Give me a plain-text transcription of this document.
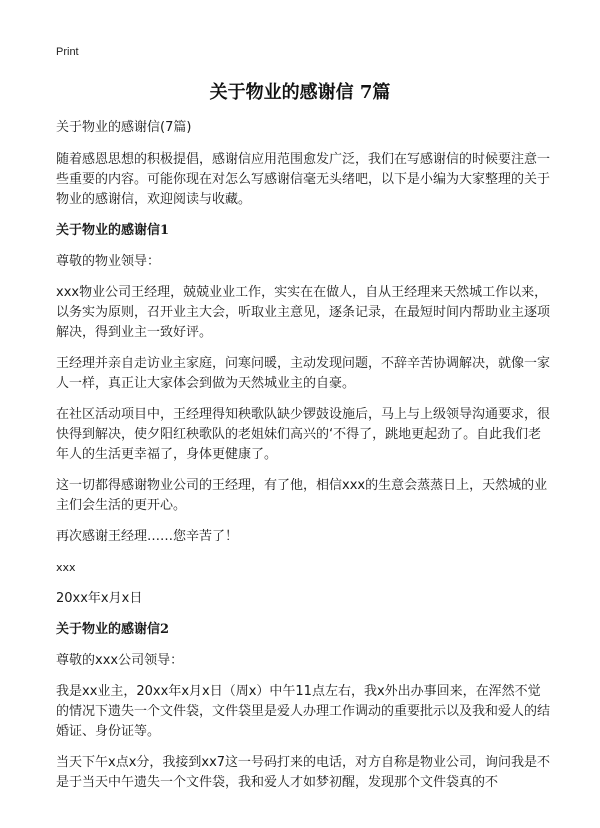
Print
关于物业的感谢信 7篇

关于物业的感谢信(7篇)

随着感恩思想的积极提倡，感谢信应用范围愈发广泛，我们在写感谢信的时候要注意一些重要的内容。可能你现在对怎么写感谢信毫无头绪吧，以下是小编为大家整理的关于物业的感谢信，欢迎阅读与收藏。

关于物业的感谢信1

尊敬的物业领导：

xxx物业公司王经理，兢兢业业工作，实实在在做人，自从王经理来天然城工作以来，以务实为原则，召开业主大会，听取业主意见，逐条记录，在最短时间内帮助业主逐项解决，得到业主一致好评。

王经理并亲自走访业主家庭，问寒问暖，主动发现问题，不辞辛苦协调解决，就像一家人一样，真正让大家体会到做为天然城业主的自豪。

在社区活动项目中，王经理得知秧歌队缺少锣鼓设施后，马上与上级领导沟通要求，很快得到解决，使夕阳红秧歌队的老姐妹们高兴的‘不得了，跳地更起劲了。自此我们老年人的生活更幸福了，身体更健康了。

这一切都得感谢物业公司的王经理，有了他，相信xxx的生意会蒸蒸日上，天然城的业主们会生活的更开心。

再次感谢王经理……您辛苦了！

xxx

20xx年x月x日

关于物业的感谢信2

尊敬的xxx公司领导：

我是xx业主，20xx年x月x日（周x）中午11点左右，我x外出办事回来，在浑然不觉的情况下遗失一个文件袋，文件袋里是爱人办理工作调动的重要批示以及我和爱人的结婚证、身份证等。

当天下午x点x分，我接到xx7这一号码打来的电话，对方自称是物业公司，询问我是不是于当天中午遗失一个文件袋，我和爱人才如梦初醒，发现那个文件袋真的不
